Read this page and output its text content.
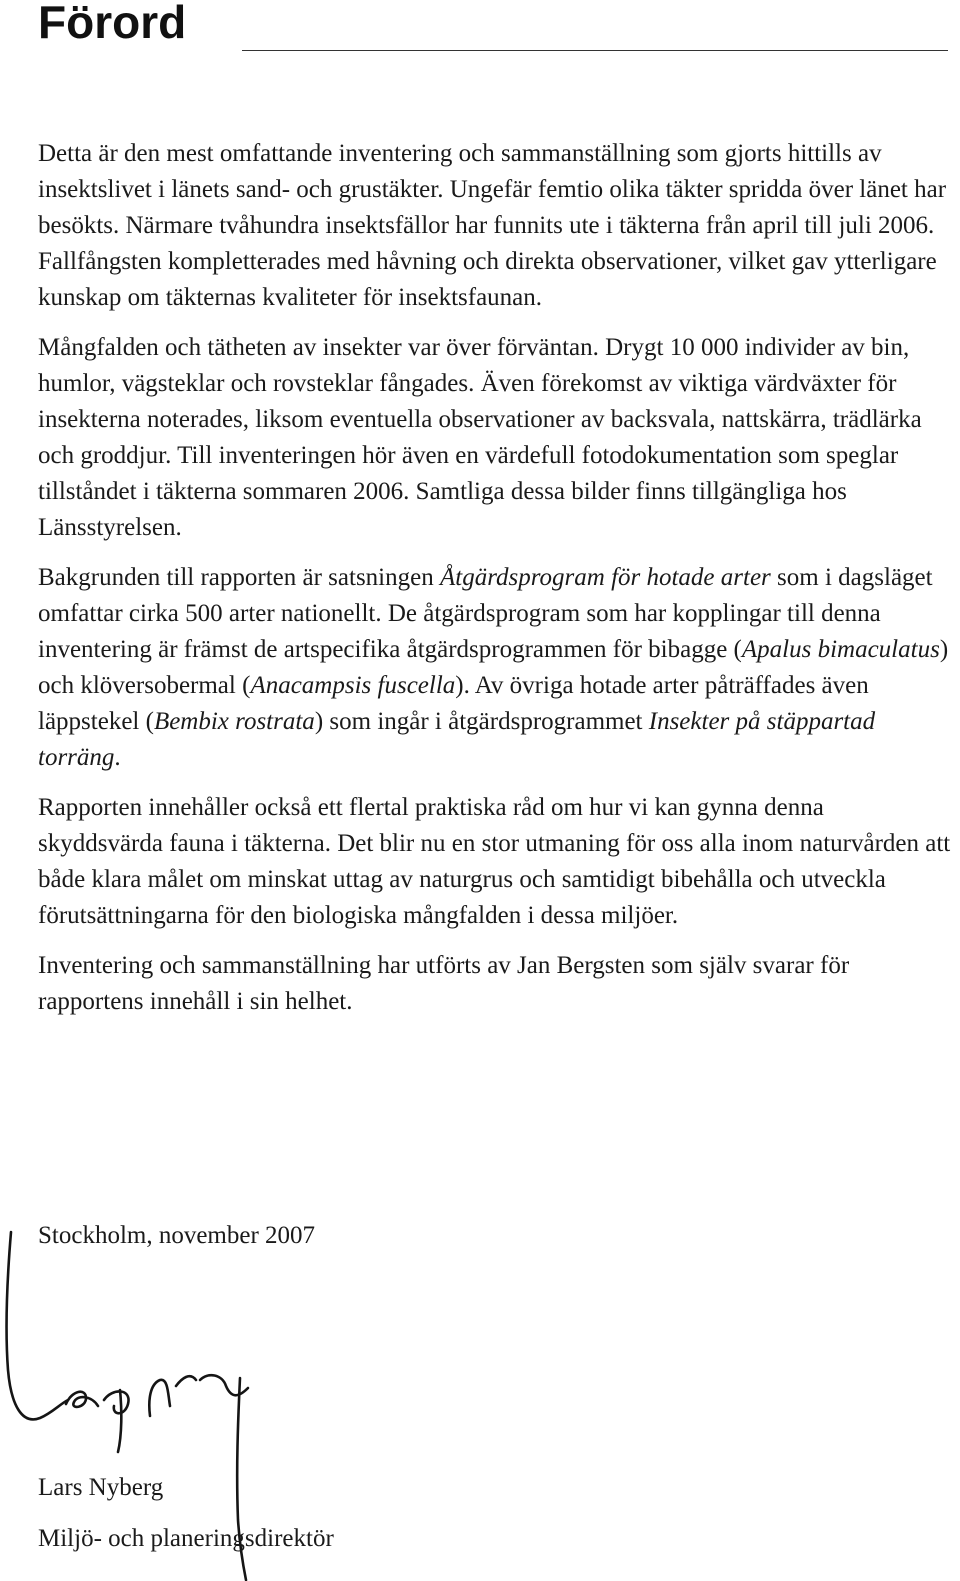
Förord

Detta är den mest omfattande inventering och sammanställning som gjorts hittills av insektslivet i länets sand- och grustäkter. Ungefär femtio olika täkter spridda över länet har besökts. Närmare tvåhundra insektsfällor har funnits ute i täkterna från april till juli 2006. Fallfångsten kompletterades med håvning och direkta observationer, vilket gav ytterligare kunskap om täkternas kvaliteter för insektsfaunan.

Mångfalden och tätheten av insekter var över förväntan. Drygt 10 000 individer av bin, humlor, vägsteklar och rovsteklar fångades. Även förekomst av viktiga värdväxter för insekterna noterades, liksom eventuella observationer av backsvala, nattskärra, trädlärka och groddjur. Till inventeringen hör även en värdefull fotodokumentation som speglar tillståndet i täkterna sommaren 2006. Samtliga dessa bilder finns tillgängliga hos Länsstyrelsen.

Bakgrunden till rapporten är satsningen Åtgärdsprogram för hotade arter som i dagsläget omfattar cirka 500 arter nationellt. De åtgärdsprogram som har kopplingar till denna inventering är främst de artspecifika åtgärdsprogrammen för bibagge (Apalus bimaculatus) och klöversobermal (Anacampsis fuscella). Av övriga hotade arter påträffades även läppstekel (Bembix rostrata) som ingår i åtgärdsprogrammet Insekter på stäppartad torräng.

Rapporten innehåller också ett flertal praktiska råd om hur vi kan gynna denna skyddsvärda fauna i täkterna. Det blir nu en stor utmaning för oss alla inom naturvården att både klara målet om minskat uttag av naturgrus och samtidigt bibehålla och utveckla förutsättningarna för den biologiska mångfalden i dessa miljöer.

Inventering och sammanställning har utförts av Jan Bergsten som själv svarar för rapportens innehåll i sin helhet.

Stockholm, november 2007

Lars Nyberg

Miljö- och planeringsdirektör
